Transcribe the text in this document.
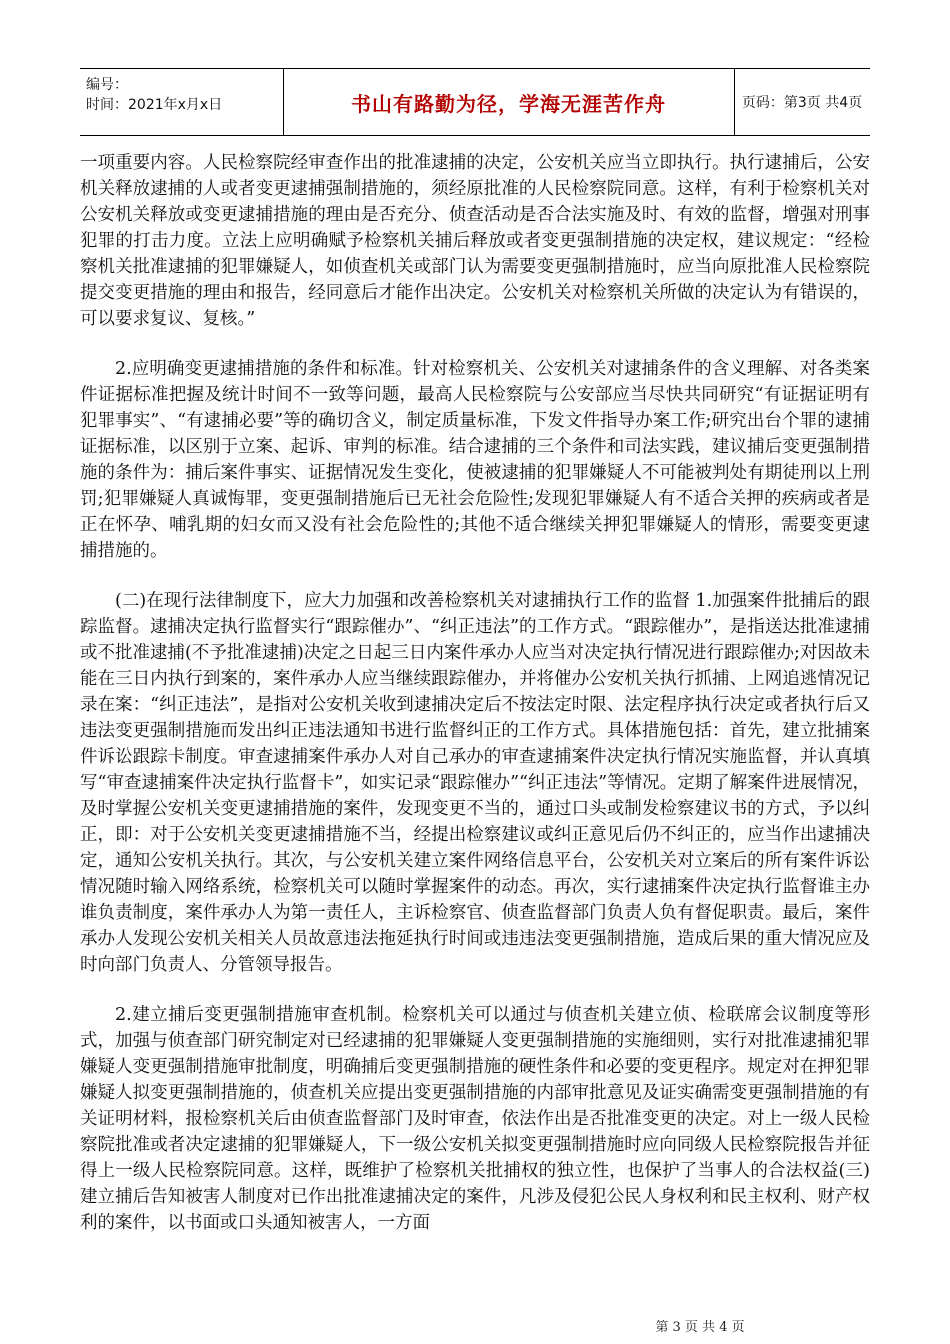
编号：
时间：2021年x月x日	书山有路勤为径，学海无涯苦作舟	页码：第3页 共4页

一项重要内容。人民检察院经审查作出的批准逮捕的决定，公安机关应当立即执行。执行逮捕后，公安机关释放逮捕的人或者变更逮捕强制措施的，须经原批准的人民检察院同意。这样，有利于检察机关对公安机关释放或变更逮捕措施的理由是否充分、侦查活动是否合法实施及时、有效的监督，增强对刑事犯罪的打击力度。立法上应明确赋予检察机关捕后释放或者变更强制措施的决定权，建议规定：“经检察机关批准逮捕的犯罪嫌疑人，如侦查机关或部门认为需要变更强制措施时，应当向原批准人民检察院提交变更措施的理由和报告，经同意后才能作出决定。公安机关对检察机关所做的决定认为有错误的，可以要求复议、复核。”

2.应明确变更逮捕措施的条件和标准。针对检察机关、公安机关对逮捕条件的含义理解、对各类案件证据标准把握及统计时间不一致等问题，最高人民检察院与公安部应当尽快共同研究“有证据证明有犯罪事实”、“有逮捕必要”等的确切含义，制定质量标准，下发文件指导办案工作;研究出台个罪的逮捕证据标准，以区别于立案、起诉、审判的标准。结合逮捕的三个条件和司法实践，建议捕后变更强制措施的条件为：捕后案件事实、证据情况发生变化，使被逮捕的犯罪嫌疑人不可能被判处有期徒刑以上刑罚;犯罪嫌疑人真诚悔罪，变更强制措施后已无社会危险性;发现犯罪嫌疑人有不适合关押的疾病或者是正在怀孕、哺乳期的妇女而又没有社会危险性的;其他不适合继续关押犯罪嫌疑人的情形，需要变更逮捕措施的。

(二)在现行法律制度下，应大力加强和改善检察机关对逮捕执行工作的监督 1.加强案件批捕后的跟踪监督。逮捕决定执行监督实行“跟踪催办”、“纠正违法”的工作方式。“跟踪催办”，是指送达批准逮捕或不批准逮捕(不予批准逮捕)决定之日起三日内案件承办人应当对决定执行情况进行跟踪催办;对因故未能在三日内执行到案的，案件承办人应当继续跟踪催办，并将催办公安机关执行抓捕、上网追逃情况记录在案：“纠正违法”，是指对公安机关收到逮捕决定后不按法定时限、法定程序执行决定或者执行后又违法变更强制措施而发出纠正违法通知书进行监督纠正的工作方式。具体措施包括：首先，建立批捕案件诉讼跟踪卡制度。审查逮捕案件承办人对自己承办的审查逮捕案件决定执行情况实施监督，并认真填写“审查逮捕案件决定执行监督卡”，如实记录“跟踪催办”“纠正违法”等情况。定期了解案件进展情况，及时掌握公安机关变更逮捕措施的案件，发现变更不当的，通过口头或制发检察建议书的方式，予以纠正，即：对于公安机关变更逮捕措施不当，经提出检察建议或纠正意见后仍不纠正的，应当作出逮捕决定，通知公安机关执行。其次，与公安机关建立案件网络信息平台，公安机关对立案后的所有案件诉讼情况随时输入网络系统，检察机关可以随时掌握案件的动态。再次，实行逮捕案件决定执行监督谁主办谁负责制度，案件承办人为第一责任人，主诉检察官、侦查监督部门负责人负有督促职责。最后，案件承办人发现公安机关相关人员故意违法拖延执行时间或违违法变更强制措施，造成后果的重大情况应及时向部门负责人、分管领导报告。

2.建立捕后变更强制措施审查机制。检察机关可以通过与侦查机关建立侦、检联席会议制度等形式，加强与侦查部门研究制定对已经逮捕的犯罪嫌疑人变更强制措施的实施细则，实行对批准逮捕犯罪嫌疑人变更强制措施审批制度，明确捕后变更强制措施的硬性条件和必要的变更程序。规定对在押犯罪嫌疑人拟变更强制措施的，侦查机关应提出变更强制措施的内部审批意见及证实确需变更强制措施的有关证明材料，报检察机关后由侦查监督部门及时审查，依法作出是否批准变更的决定。对上一级人民检察院批准或者决定逮捕的犯罪嫌疑人，下一级公安机关拟变更强制措施时应向同级人民检察院报告并征得上一级人民检察院同意。这样，既维护了检察机关批捕权的独立性，也保护了当事人的合法权益(三)建立捕后告知被害人制度对已作出批准逮捕决定的案件，凡涉及侵犯公民人身权利和民主权利、财产权利的案件，以书面或口头通知被害人，一方面

第 3 页 共 4 页
